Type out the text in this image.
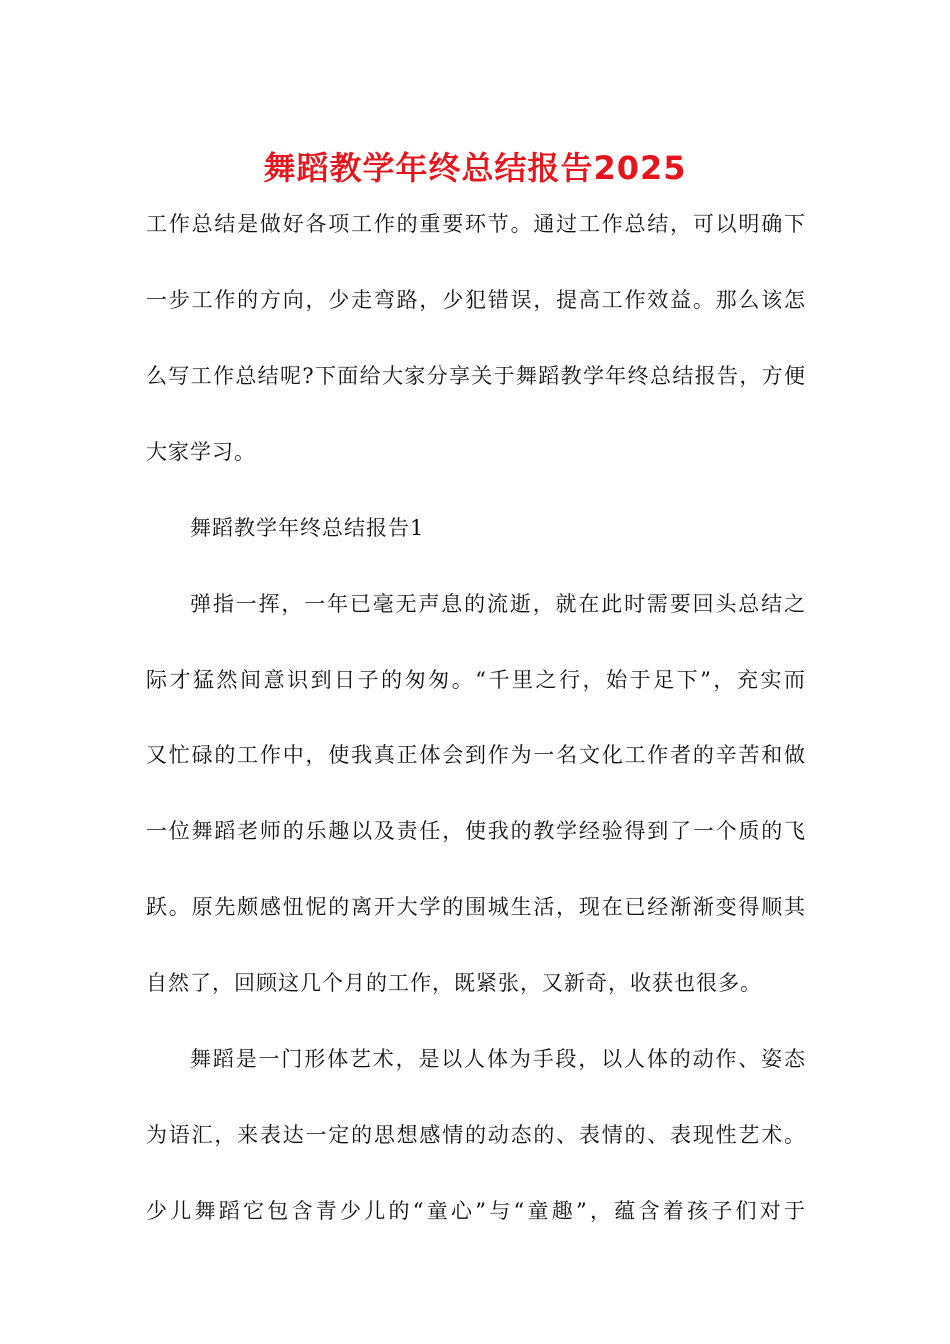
舞蹈教学年终总结报告2025
工作总结是做好各项工作的重要环节。通过工作总结，可以明确下
一步工作的方向，少走弯路，少犯错误，提高工作效益。那么该怎
么写工作总结呢?下面给大家分享关于舞蹈教学年终总结报告，方便
大家学习。
舞蹈教学年终总结报告1
弹指一挥，一年已毫无声息的流逝，就在此时需要回头总结之
际才猛然间意识到日子的匆匆。“千里之行，始于足下”，充实而
又忙碌的工作中，使我真正体会到作为一名文化工作者的辛苦和做
一位舞蹈老师的乐趣以及责任，使我的教学经验得到了一个质的飞
跃。原先颇感忸怩的离开大学的围城生活，现在已经渐渐变得顺其
自然了，回顾这几个月的工作，既紧张，又新奇，收获也很多。
舞蹈是一门形体艺术，是以人体为手段，以人体的动作、姿态
为语汇，来表达一定的思想感情的动态的、表情的、表现性艺术。
少儿舞蹈它包含青少儿的“童心”与“童趣”，蕴含着孩子们对于
